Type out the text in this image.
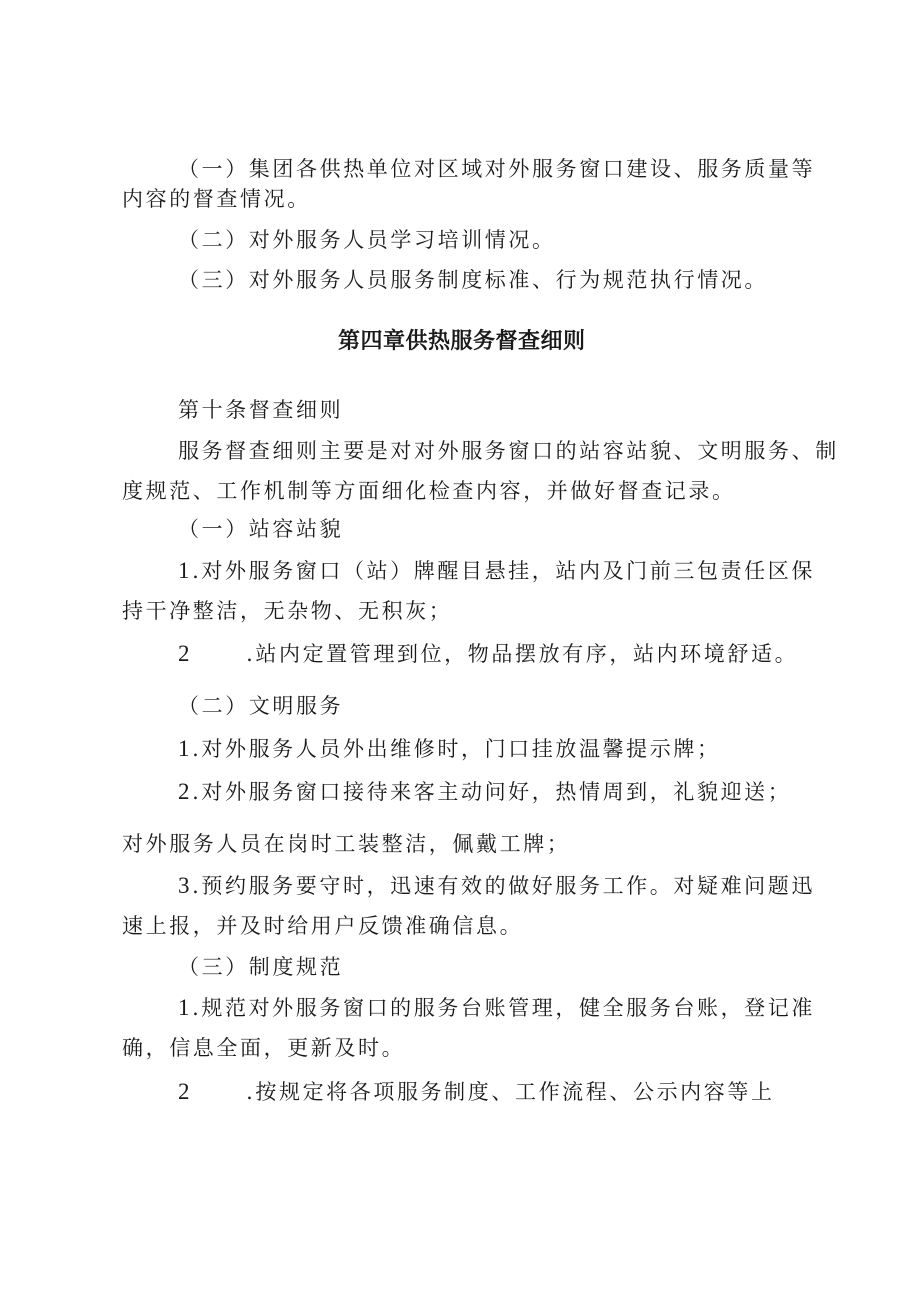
（一）集团各供热单位对区域对外服务窗口建设、服务质量等
内容的督查情况。
（二）对外服务人员学习培训情况。
（三）对外服务人员服务制度标准、行为规范执行情况。
第四章供热服务督查细则
第十条督查细则
服务督查细则主要是对对外服务窗口的站容站貌、文明服务、制
度规范、工作机制等方面细化检查内容，并做好督查记录。
（一）站容站貌
1.对外服务窗口（站）牌醒目悬挂，站内及门前三包责任区保
持干净整洁，无杂物、无积灰；
2	.站内定置管理到位，物品摆放有序，站内环境舒适。
（二）文明服务
1.对外服务人员外出维修时，门口挂放温馨提示牌；
2.对外服务窗口接待来客主动问好，热情周到，礼貌迎送；
对外服务人员在岗时工装整洁，佩戴工牌；
3.预约服务要守时，迅速有效的做好服务工作。对疑难问题迅
速上报，并及时给用户反馈准确信息。
（三）制度规范
1.规范对外服务窗口的服务台账管理，健全服务台账，登记准
确，信息全面，更新及时。
2	.按规定将各项服务制度、工作流程、公示内容等上
